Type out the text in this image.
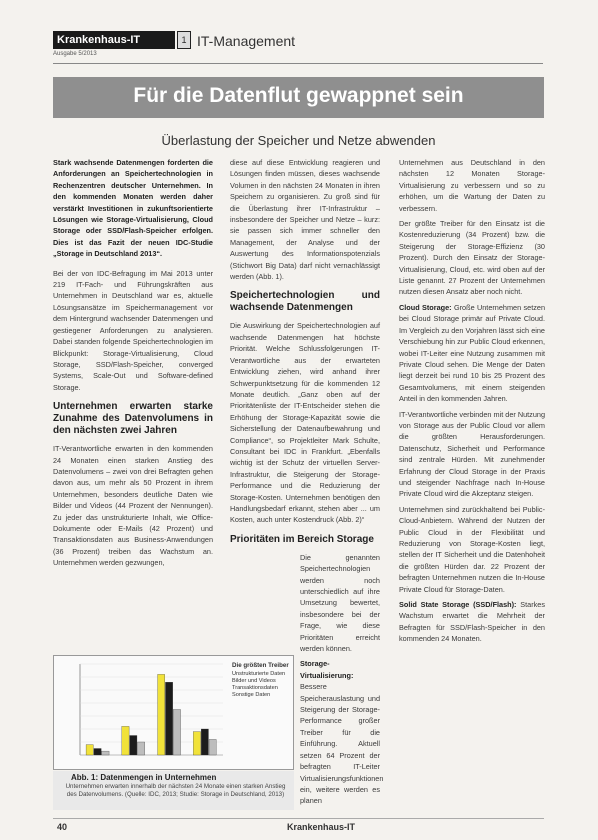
Krankenhaus-IT	1
Ausgabe 5/2013
IT-Management
Für die Datenflut gewappnet sein
Überlastung der Speicher und Netze abwenden

Stark wachsende Datenmengen forderten die Anforderungen an Speichertechnologien in Rechenzentren deutscher Unternehmen. In den kommenden Monaten werden daher verstärkt Investitionen in zukunftsorientierte Lösungen wie Storage-Virtualisierung, Cloud Storage oder SSD/Flash-Speicher erfolgen. Dies ist das Fazit der neuen IDC-Studie „Storage in Deutschland 2013“.

Bei der von IDC-Befragung im Mai 2013 unter 219 IT-Fach- und Führungskräften aus Unternehmen in Deutschland war es, aktuelle Lösungsansätze im Speichermanagement vor dem Hintergrund wachsender Datenmengen und gestiegener Anforderungen zu analysieren. Dabei standen folgende Speichertechnologien im Blickpunkt: Storage-Virtualisierung, Cloud Storage, SSD/Flash-Speicher, converged Systems, Scale-Out und Software-defined Storage.

Unternehmen erwarten starke Zunahme des Datenvolumens in den nächsten zwei Jahren

IT-Verantwortliche erwarten in den kommenden 24 Monaten einen starken Anstieg des Datenvolumens – zwei von drei Befragten gehen davon aus, um mehr als 50 Prozent in ihrem Unternehmen, besonders deutliche Daten wie Bilder und Videos (44 Prozent der Nennungen). Zu jeder das unstrukturierte Inhalt, wie Office-Dokumente oder E-Mails (42 Prozent) und Transaktionsdaten aus Business-Anwendungen (36 Prozent) treiben das Wachstum an. Unternehmen werden gezwungen,

diese auf diese Entwicklung reagieren und Lösungen finden müssen, dieses wachsende Volumen in den nächsten 24 Monaten in ihren Speichern zu organisieren. Zu groß sind für die Überlastung ihrer IT-Infrastruktur – insbesondere der Speicher und Netze – kurz: sie passen sich immer schneller den Management, der Analyse und der Auswertung des Informationspotenzials (Stichwort Big Data) darf nicht vernachlässigt werden (Abb. 1).

Speichertechnologien und wachsende Datenmengen

Die Auswirkung der Speichertechnologien auf wachsende Datenmengen hat höchste Priorität. Welche Schlussfolgerungen IT-Verantwortliche aus der erwarteten Entwicklung ziehen, wird anhand ihrer Schwerpunktsetzung für die kommenden 12 Monate deutlich. „Ganz oben auf der Prioritätenliste der IT-Entscheider stehen die Erhöhung der Storage-Kapazität sowie die Sicherstellung der Datenaufbewahrung und Compliance“, so Projektleiter Mark Schulte, Consultant bei IDC in Frankfurt. „Ebenfalls wichtig ist der Schutz der virtuellen Server-Infrastruktur, die Steigerung der Storage-Performance und die Reduzierung der Storage-Kosten. Unternehmen benötigen den Handlungsbedarf erkannt, stehen aber ... um Kosten, auch unter Kostendruck (Abb. 2)“

Prioritäten im Bereich Storage

Die genannten Speichertechnologien werden noch unterschiedlich auf ihre Umsetzung bewertet, insbesondere bei der Frage, wie diese Prioritäten erreicht werden können.

Storage-Virtualisierung: Bessere Speicherauslastung und Steigerung der Storage-Performance großer Treiber für die Einführung. Aktuell setzen 64 Prozent der befragten IT-Leiter Virtualisierungsfunktionen ein, weitere werden es planen

Unternehmen aus Deutschland in den nächsten 12 Monaten Storage-Virtualisierung zu verbessern und so zu erhöhen, um die Wartung der Daten zu verbessern.

Der größte Treiber für den Einsatz ist die Kostenreduzierung (34 Prozent) bzw. die Steigerung der Storage-Effizienz (30 Prozent). Durch den Einsatz der Storage-Virtualisierung, Cloud, etc. wird oben auf der Liste genannt. 27 Prozent der Unternehmen nutzen diesen Ansatz aber noch nicht.

Cloud Storage: Große Unternehmen setzen bei Cloud Storage primär auf Private Cloud. Im Vergleich zu den Vorjahren lässt sich eine Verschiebung hin zur Public Cloud erkennen, wobei IT-Leiter eine Nutzung zusammen mit Private Cloud sehen. Die Menge der Daten liegt derzeit bei rund 10 bis 25 Prozent des Gesamtvolumens, mit einem steigenden Anteil in den kommenden Jahren.

IT-Verantwortliche verbinden mit der Nutzung von Storage aus der Public Cloud vor allem die größten Herausforderungen. Datenschutz, Sicherheit und Performance sind zentrale Hürden. Mit zunehmender Erfahrung der Cloud Storage in der Praxis und steigender Nachfrage nach In-House Private Cloud wird die Akzeptanz steigen.

Unternehmen sind zurückhaltend bei Public-Cloud-Anbietern. Während der Nutzen der Public Cloud in der Flexibilität und Reduzierung von Storage-Kosten liegt, stellen der IT Sicherheit und die Datenhoheit die größten Hürden dar. 22 Prozent der befragten Unternehmen nutzen die In-House Private Cloud für Storage-Daten.

Solid State Storage (SSD/Flash): Starkes Wachstum erwartet die Mehrheit der Befragten für SSD/Flash-Speicher in den kommenden 24 Monaten.

Die größten Treiber
Unstrukturierte Daten
Bilder und Videos
Transaktionsdaten
Sonstige Daten
Abb. 1: Datenmengen in Unternehmen
Unternehmen erwarten innerhalb der nächsten 24 Monate einen starken Anstieg des Datenvolumens. (Quelle: IDC, 2013; Studie: Storage in Deutschland, 2013)
40	Krankenhaus-IT
